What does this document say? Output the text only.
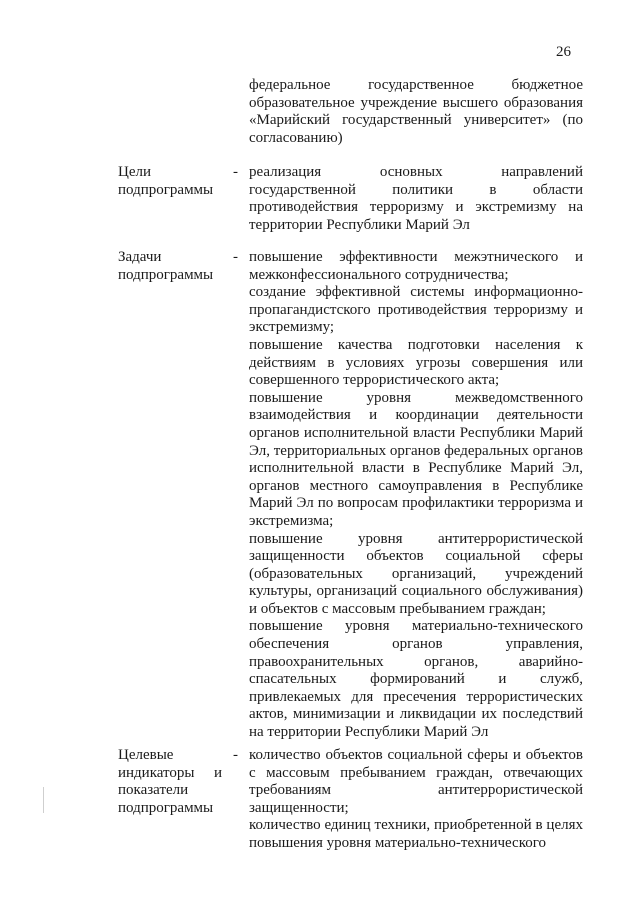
26

федеральное государственное бюджетное образовательное учреждение высшего образования «Марийский государственный университет» (по согласованию)

Цели подпрограммы
- реализация основных направлений государственной политики в области противодействия терроризму и экстремизму на территории Республики Марий Эл

Задачи подпрограммы
- повышение эффективности межэтнического и межконфессионального сотрудничества;

создание эффективной системы информационно-пропагандистского противодействия терроризму и экстремизму;

повышение качества подготовки населения к действиям в условиях угрозы совершения или совершенного террористического акта;

повышение уровня межведомственного взаимодействия и координации деятельности органов исполнительной власти Республики Марий Эл, территориальных органов федеральных органов исполнительной власти в Республике Марий Эл, органов местного самоуправления в Республике Марий Эл по вопросам профилактики терроризма и экстремизма;

повышение уровня антитеррористической защищенности объектов социальной сферы (образовательных организаций, учреждений культуры, организаций социального обслуживания) и объектов с массовым пребыванием граждан;

повышение уровня материально-технического обеспечения органов управления, правоохранительных органов, аварийно-спасательных формирований и служб, привлекаемых для пресечения террористических актов, минимизации и ликвидации их последствий на территории Республики Марий Эл

Целевые индикаторы и показатели подпрограммы
- количество объектов социальной сферы и объектов с массовым пребыванием граждан, отвечающих требованиям антитеррористической защищенности;

количество единиц техники, приобретенной в целях повышения уровня материально-технического
